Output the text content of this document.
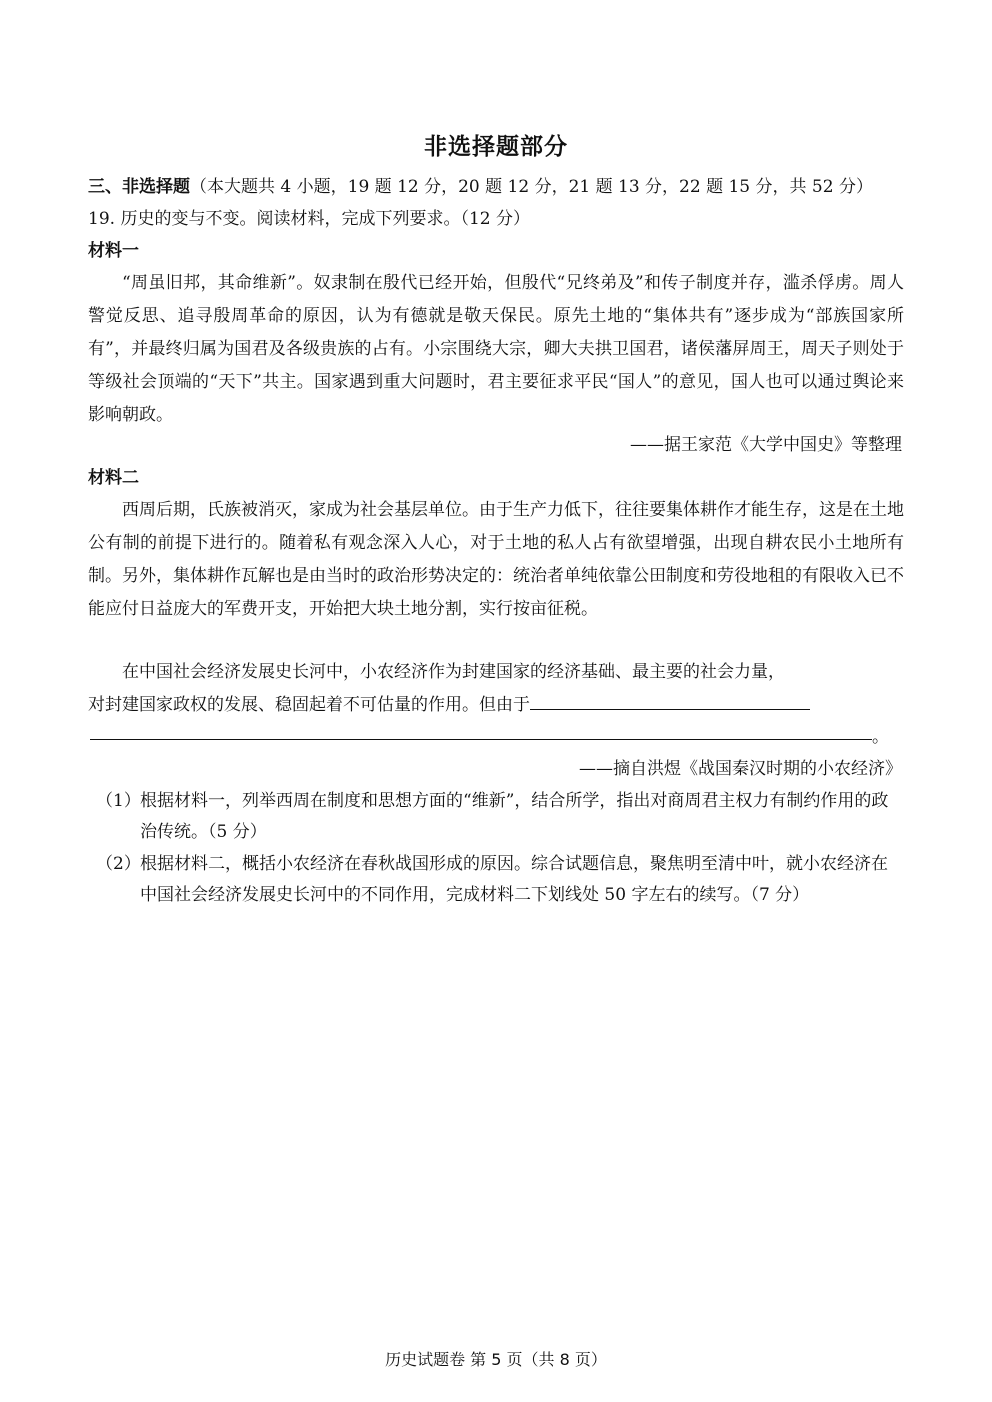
非选择题部分
三、非选择题（本大题共 4 小题，19 题 12 分，20 题 12 分，21 题 13 分，22 题 15 分，共 52 分）
19. 历史的变与不变。阅读材料，完成下列要求。（12 分）
材料一
“周虽旧邦，其命维新”。奴隶制在殷代已经开始，但殷代“兄终弟及”和传子制度并存，滥杀俘虏。周人警觉反思、追寻殷周革命的原因，认为有德就是敬天保民。原先土地的“集体共有”逐步成为“部族国家所有”，并最终归属为国君及各级贵族的占有。小宗围绕大宗，卿大夫拱卫国君，诸侯藩屏周王，周天子则处于等级社会顶端的“天下”共主。国家遇到重大问题时，君主要征求平民“国人”的意见，国人也可以通过舆论来影响朝政。
——据王家范《大学中国史》等整理
材料二
西周后期，氏族被消灭，家成为社会基层单位。由于生产力低下，往往要集体耕作才能生存，这是在土地公有制的前提下进行的。随着私有观念深入人心，对于土地的私人占有欲望增强，出现自耕农民小土地所有制。另外，集体耕作瓦解也是由当时的政治形势决定的：统治者单纯依靠公田制度和劳役地租的有限收入已不能应付日益庞大的军费开支，开始把大块土地分割，实行按亩征税。
在中国社会经济发展史长河中，小农经济作为封建国家的经济基础、最主要的社会力量，
对封建国家政权的发展、稳固起着不可估量的作用。但由于
。
——摘自洪煜《战国秦汉时期的小农经济》
（1） 根据材料一，列举西周在制度和思想方面的“维新”，结合所学，指出对商周君主权力有制约作用的政治传统。（5 分）
（2） 根据材料二，概括小农经济在春秋战国形成的原因。综合试题信息，聚焦明至清中叶，就小农经济在中国社会经济发展史长河中的不同作用，完成材料二下划线处 50 字左右的续写。（7 分）
历史试题卷 第 5 页（共 8 页）
